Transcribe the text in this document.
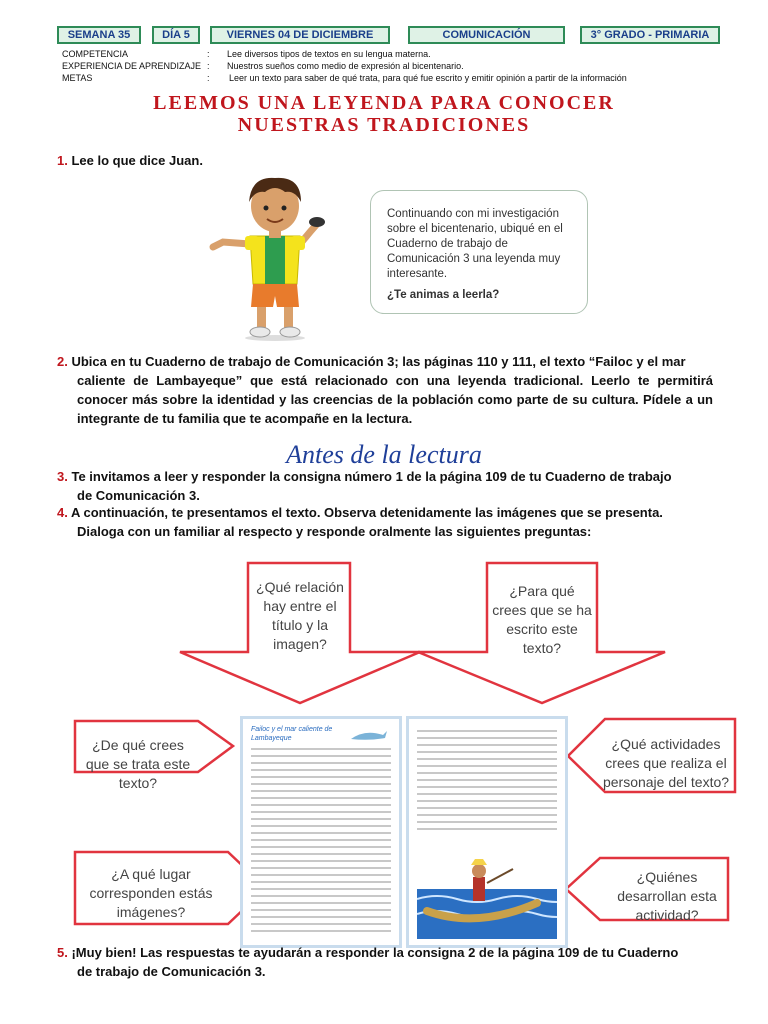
SEMANA 35	DÍA 5	VIERNES 04 DE DICIEMBRE	COMUNICACIÓN	3° GRADO - PRIMARIA
COMPETENCIA	: Lee diversos tipos de textos en su lengua materna.
EXPERIENCIA DE APRENDIZAJE : Nuestros sueños como medio de expresión al bicentenario.
METAS	: Leer un texto para saber de qué trata, para qué fue escrito y emitir opinión a partir de la información
LEEMOS UNA LEYENDA PARA CONOCER
NUESTRAS TRADICIONES
1. Lee lo que dice Juan.
Continuando con mi investigación sobre el bicentenario, ubiqué en el Cuaderno de trabajo de Comunicación 3 una leyenda muy interesante.
¿Te animas a leerla?
2. Ubica en tu Cuaderno de trabajo de Comunicación 3; las páginas 110 y 111, el texto “Failoc y el mar
caliente de Lambayeque” que está relacionado con una leyenda tradicional. Leerlo te permitirá conocer más sobre la identidad y las creencias de la población como parte de su cultura. Pídele a un integrante de tu familia que te acompañe en la lectura.
Antes de la lectura
3. Te invitamos a leer y responder la consigna número 1 de la página 109 de tu Cuaderno de trabajo
de Comunicación 3.
4. A continuación, te presentamos el texto. Observa detenidamente las imágenes que se presenta.
Dialoga con un familiar al respecto y responde oralmente las siguientes preguntas:
¿Qué relación hay entre el título y la imagen?
¿Para qué crees que se ha escrito este texto?
¿De qué crees que se trata este texto?
¿Qué actividades crees que realiza el personaje del texto?
¿A qué lugar corresponden estás imágenes?
¿Quiénes desarrollan esta actividad?
Failoc y el mar caliente de Lambayeque
5. ¡Muy bien! Las respuestas te ayudarán a responder la consigna 2 de la página 109 de tu Cuaderno
de trabajo de Comunicación 3.
